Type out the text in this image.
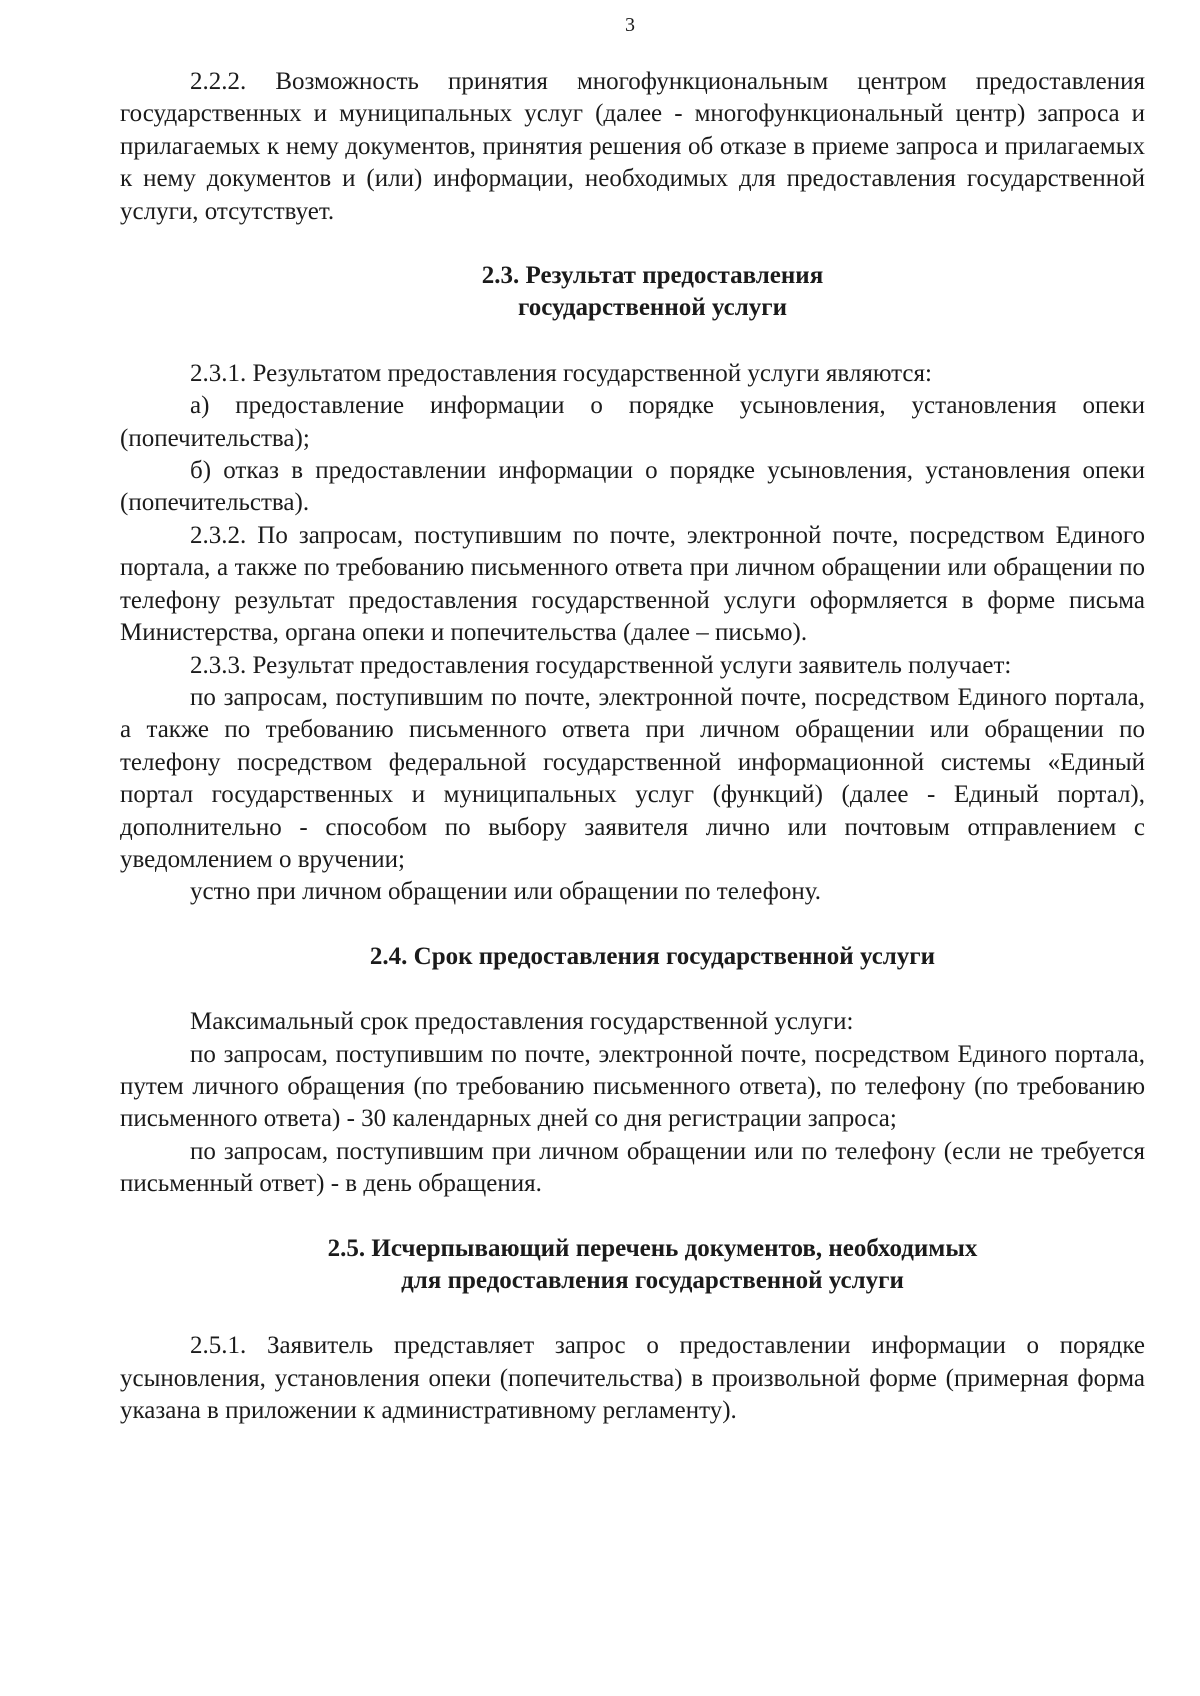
3

2.2.2. Возможность принятия многофункциональным центром предоставления государственных и муниципальных услуг (далее - многофункциональный центр) запроса и прилагаемых к нему документов, принятия решения об отказе в приеме запроса и прилагаемых к нему документов и (или) информации, необходимых для предоставления государственной услуги, отсутствует.

2.3. Результат предоставления
государственной услуги

2.3.1. Результатом предоставления государственной услуги являются:

а) предоставление информации о порядке усыновления, установления опеки (попечительства);

б) отказ в предоставлении информации о порядке усыновления, установления опеки (попечительства).

2.3.2. По запросам, поступившим по почте, электронной почте, посредством Единого портала, а также по требованию письменного ответа при личном обращении или обращении по телефону результат предоставления государственной услуги оформляется в форме письма Министерства, органа опеки и попечительства (далее – письмо).

2.3.3. Результат предоставления государственной услуги заявитель получает:

по запросам, поступившим по почте, электронной почте, посредством Единого портала, а также по требованию письменного ответа при личном обращении или обращении по телефону посредством федеральной государственной информационной системы «Единый портал государственных и муниципальных услуг (функций) (далее - Единый портал), дополнительно - способом по выбору заявителя лично или почтовым отправлением с уведомлением о вручении;

устно при личном обращении или обращении по телефону.

2.4. Срок предоставления государственной услуги

Максимальный срок предоставления государственной услуги:

по запросам, поступившим по почте, электронной почте, посредством Единого портала, путем личного обращения (по требованию письменного ответа), по телефону (по требованию письменного ответа) - 30 календарных дней со дня регистрации запроса;

по запросам, поступившим при личном обращении или по телефону (если не требуется письменный ответ) - в день обращения.

2.5. Исчерпывающий перечень документов, необходимых
для предоставления государственной услуги

2.5.1. Заявитель представляет запрос о предоставлении информации о порядке усыновления, установления опеки (попечительства) в произвольной форме (примерная форма указана в приложении к административному регламенту).
